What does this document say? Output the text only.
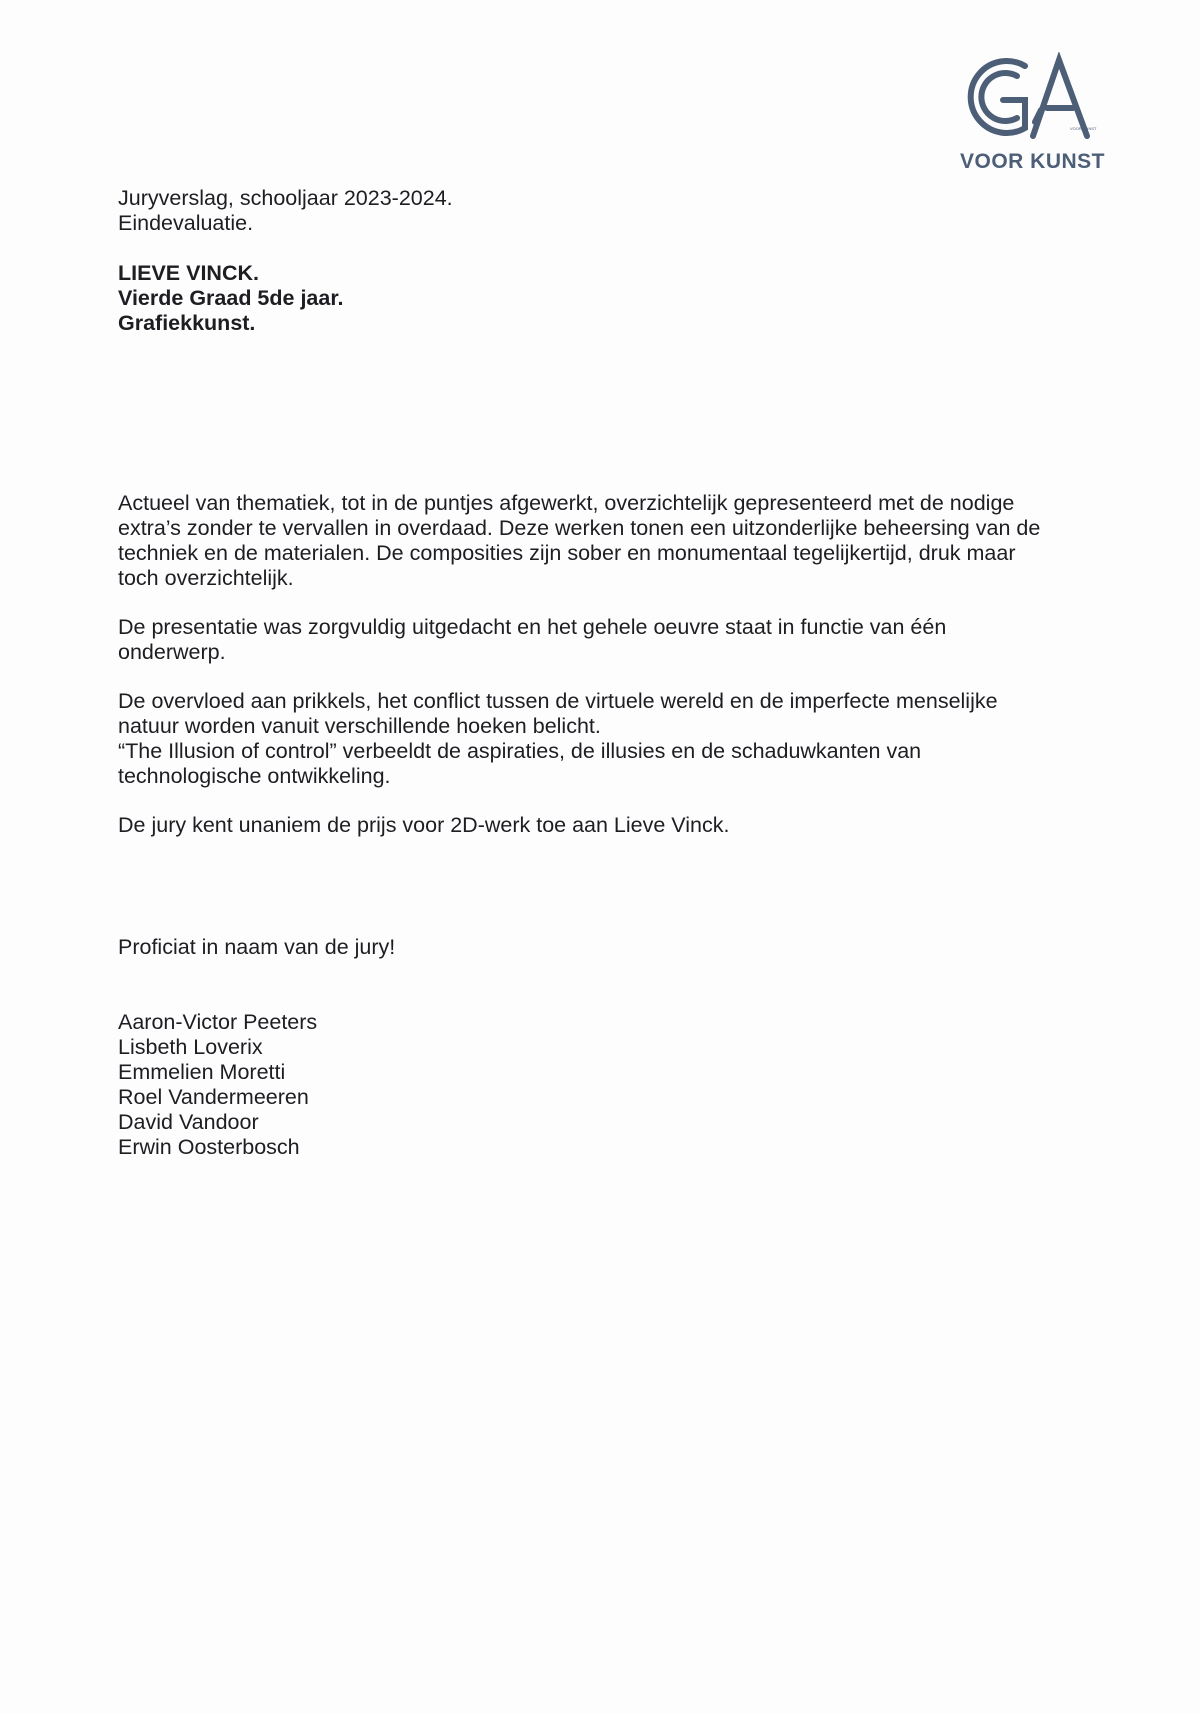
VOOR KUNST
VOOR KUNST

Juryverslag, schooljaar 2023-2024.

Eindevaluatie.

LIEVE VINCK.

Vierde Graad 5de jaar.

Grafiekkunst.

Actueel van thematiek, tot in de puntjes afgewerkt, overzichtelijk gepresenteerd met de nodige
extra’s zonder te vervallen in overdaad. Deze werken tonen een uitzonderlijke beheersing van de
techniek en de materialen. De composities zijn sober en monumentaal tegelijkertijd, druk maar
toch overzichtelijk.

De presentatie was zorgvuldig uitgedacht en het gehele oeuvre staat in functie van één
onderwerp.

De overvloed aan prikkels, het conflict tussen de virtuele wereld en de imperfecte menselijke
natuur worden vanuit verschillende hoeken belicht.

“The Illusion of control” verbeeldt de aspiraties, de illusies en de schaduwkanten van
technologische ontwikkeling.

De jury kent unaniem de prijs voor 2D-werk toe aan Lieve Vinck.

Proficiat in naam van de jury!

Aaron-Victor Peeters

Lisbeth Loverix

Emmelien Moretti

Roel Vandermeeren

David Vandoor

Erwin Oosterbosch
